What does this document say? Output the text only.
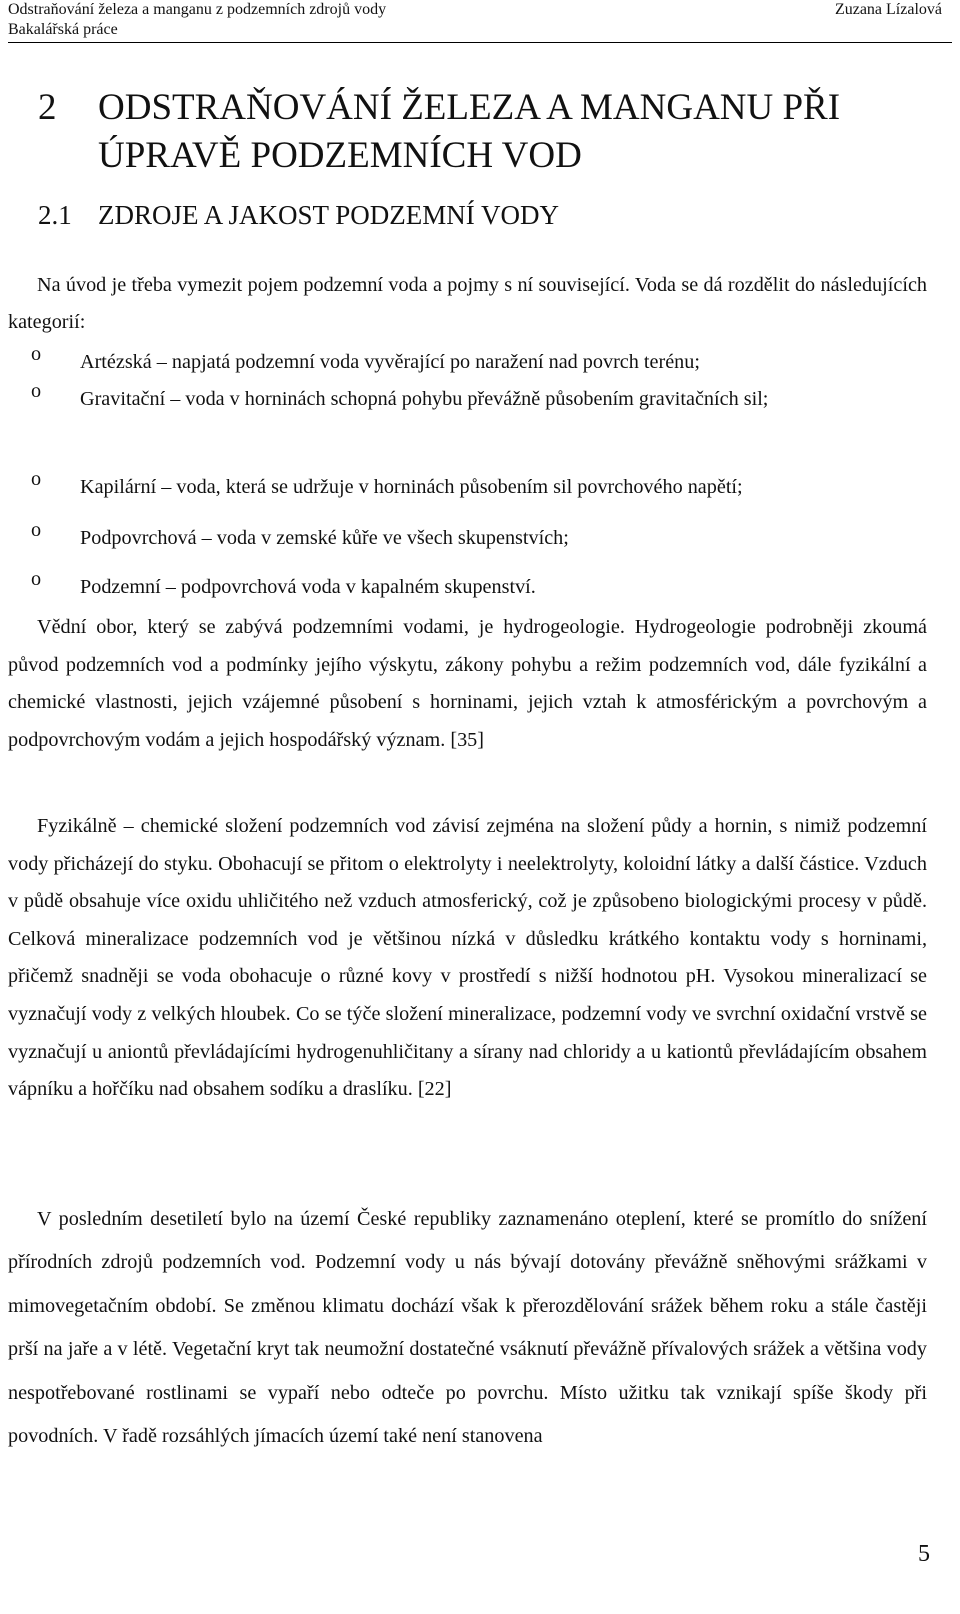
Odstraňování železa a manganu z podzemních zdrojů vody
Bakalářská práce
Zuzana Lízalová
2 ODSTRAŇOVÁNÍ ŽELEZA A MANGANU PŘI ÚPRAVĚ PODZEMNÍCH VOD
2.1 ZDROJE A JAKOST PODZEMNÍ VODY

Na úvod je třeba vymezit pojem podzemní voda a pojmy s ní související. Voda se dá rozdělit do následujících kategorií:

o Artézská – napjatá podzemní voda vyvěrající po naražení nad povrch terénu;
o Gravitační – voda v horninách schopná pohybu převážně působením gravitačních sil;
o Kapilární – voda, která se udržuje v horninách působením sil povrchového napětí;
o Podpovrchová – voda v zemské kůře ve všech skupenstvích;
o Podzemní – podpovrchová voda v kapalném skupenství.

Vědní obor, který se zabývá podzemními vodami, je hydrogeologie. Hydrogeologie podrobněji zkoumá původ podzemních vod a podmínky jejího výskytu, zákony pohybu a režim podzemních vod, dále fyzikální a chemické vlastnosti, jejich vzájemné působení s horninami, jejich vztah k atmosférickým a povrchovým a podpovrchovým vodám a jejich hospodářský význam. [35]

Fyzikálně – chemické složení podzemních vod závisí zejména na složení půdy a hornin, s nimiž podzemní vody přicházejí do styku. Obohacují se přitom o elektrolyty i neelektrolyty, koloidní látky a další částice. Vzduch v půdě obsahuje více oxidu uhličitého než vzduch atmosferický, což je způsobeno biologickými procesy v půdě. Celková mineralizace podzemních vod je většinou nízká v důsledku krátkého kontaktu vody s horninami, přičemž snadněji se voda obohacuje o různé kovy v prostředí s nižší hodnotou pH. Vysokou mineralizací se vyznačují vody z velkých hloubek. Co se týče složení mineralizace, podzemní vody ve svrchní oxidační vrstvě se vyznačují u aniontů převládajícími hydrogenuhličitany a sírany nad chloridy a u kationtů převládajícím obsahem vápníku a hořčíku nad obsahem sodíku a draslíku. [22]

V posledním desetiletí bylo na území České republiky zaznamenáno oteplení, které se promítlo do snížení přírodních zdrojů podzemních vod. Podzemní vody u nás bývají dotovány převážně sněhovými srážkami v mimovegetačním období. Se změnou klimatu dochází však k přerozdělování srážek během roku a stále častěji prší na jaře a v létě. Vegetační kryt tak neumožní dostatečné vsáknutí převážně přívalových srážek a většina vody nespotřebované rostlinami se vypaří nebo odteče po povrchu. Místo užitku tak vznikají spíše škody při povodních. V řadě rozsáhlých jímacích území také není stanovena

5
